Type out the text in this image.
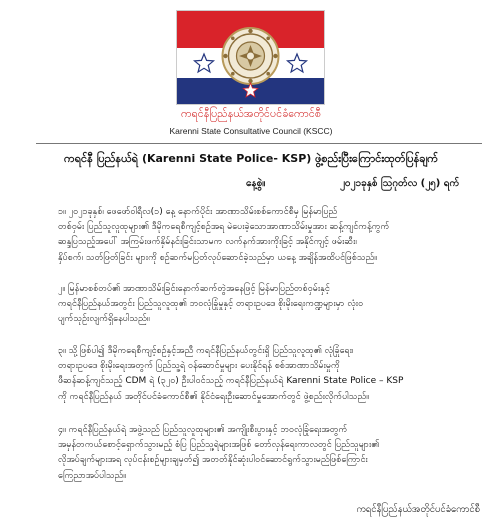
ကရင်နီပြည်နယ်အတိုင်ပင်ခံကောင်စီ
Karenni State Consultative Council (KSCC)
ကရင်နီ ပြည်နယ်ရဲ (Karenni State Police- KSP) ဖွဲ့စည်းပြီးကြောင်းထုတ်ပြန်ချက်
နေ့စွဲ။	၂၀၂၁ခုနှစ် ဩဂုတ်လ (၂၅) ရက်
၁။ ၂၀၂၁ခုနှစ်၊ ဖေဖော်ဝါရီလ(၁) နေ့ နောက်ပိုင်း အာဏာသိမ်းစစ်ကောင်စီမှ မြန်မာပြည်
တစ်ဝှမ်း ပြည်သူလူထုများ၏ ဒီမိုကရေစီကျင့်စဉ်အရ မဲပေးခဲ့သောအာဏာသိမ်းမှုအား ဆန့်ကျင်ကန့်ကွက်
ဆန္ဒပြသည့်အပေါ် အကြမ်းဖက်နှိမ်နင်းခြင်းသာမက လက်နက်အားကိုးခြင့် အနိုင်ကျင့် ဖမ်းဆီး၊
နှိပ်စက်၊ သတ်ဖြတ်ခြင်း များကို စဉ်ဆက်မပြတ်လုပ်ဆောင်ခဲ့သည်မှာ ယနေ့ အချိန်အထိပင်ဖြစ်သည်။
၂။ မြန်မာစစ်တပ်၏ အာဏာသိမ်းခြင်းနောက်ဆက်တွဲအနေဖြင့် မြန်မာပြည်တစ်ဝှမ်းနှင့်
ကရင်နီပြည်နယ်အတွင်း ပြည်သူလူထု၏ ဘဝလုံခြုံမှုနှင့် တရားဥပဒေ စိုးမိုးရေးကဏ္ဍများမှာ လုံးဝ
ပျက်သုဉ်းလျက်ရှိနေပါသည်။
၃။ သို့ဖြစ်ပါ၍ ဒီမိုကရေစီကျင့်စဉ်နှင့်အညီ ကရင်နီပြည်နယ်တွင်းရှိ ပြည်သူလူထု၏ လုံခြုံရေး၊
တရားဥပဒေ စိုးမိုးရေးအတွက် ပြည်သူ့ရဲ ဝန်ဆောင်မှုများ ပေးနိုင်ရန် စစ်အာဏာသိမ်းမှုကို
ဖီဆန်ဆန့်ကျင်သည့် CDM ရဲ (၃၂၀) ဦးပါဝင်သည့် ကရင်နီပြည်နယ်ရဲ Karenni State Police – KSP
ကို ကရင်နီပြည်နယ် အတိုင်ပင်ခံကောင်စီ၏ နိုင်ငံရေးဦးဆောင်မှုအောက်တွင် ဖွဲ့စည်းလိုက်ပါသည်။
၄။ ကရင်နီပြည်နယ်ရဲ အဖွဲ့သည် ပြည်သူလူထုများ၏ အကျိုးစီးပွားနှင့် ဘဝလုံခြုံရေးအတွက်
အမှန်တကယ်စောင့်ရှောက်သွားမည့် စံပြ ပြည်သူ့ရဲများအဖြစ် တော်လှန်ရေးကာလတွင် ပြည်သူများ၏
လိုအပ်ချက်များအရ လုပ်ငန်းစဉ်များချမှတ်၍ အတတ်နိုင်ဆုံးပါဝင်ဆောင်ရွက်သွားမည်ဖြစ်ကြောင်း
ကြေညာအပ်ပါသည်။
ကရင်နီပြည်နယ်အတိုင်ပင်ခံကောင်စီ
